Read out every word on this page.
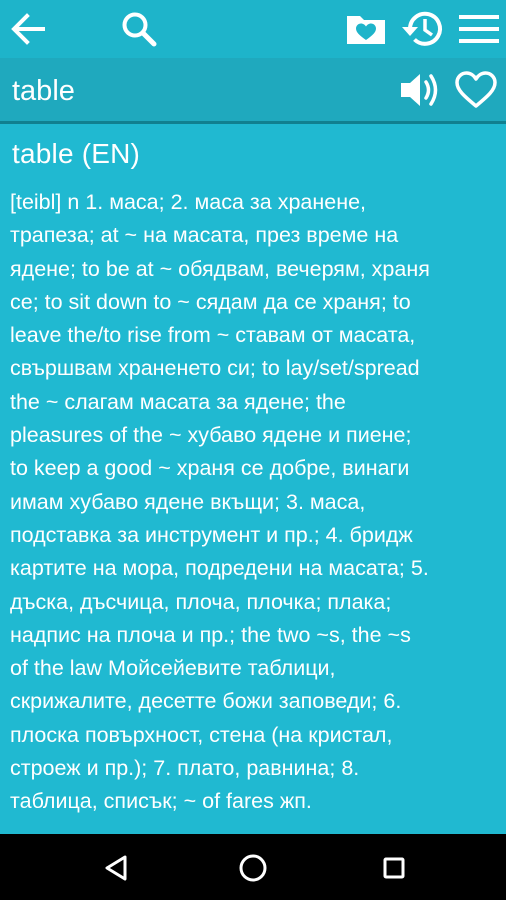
table
table (EN)
[teibl] n 1. маса; 2. маса за хранене,
трапеза; at ~ на масата, през време на
ядене; to be at ~ обядвам, вечерям, храня
се; to sit down to ~ сядам да се храня; to
leave the/to rise from ~ ставам от масата,
свършвам храненето си; to lay/set/spread
the ~ слагам масата за ядене; the
pleasures of the ~ хубаво ядене и пиене;
to keep a good ~ храня се добре, винаги
имам хубаво ядене вкъщи; 3. маса,
подставка за инструмент и пр.; 4. бридж
картите на мора, подредени на масата; 5.
дъска, дъсчица, плоча, плочка; плака;
надпис на плоча и пр.; the two ~s, the ~s
of the law Мойсейевите таблици,
скрижалите, десетте божи заповеди; 6.
плоска повърхност, стена (на кристал,
строеж и пр.); 7. плато, равнина; 8.
таблица, списък; ~ of fares жп.
